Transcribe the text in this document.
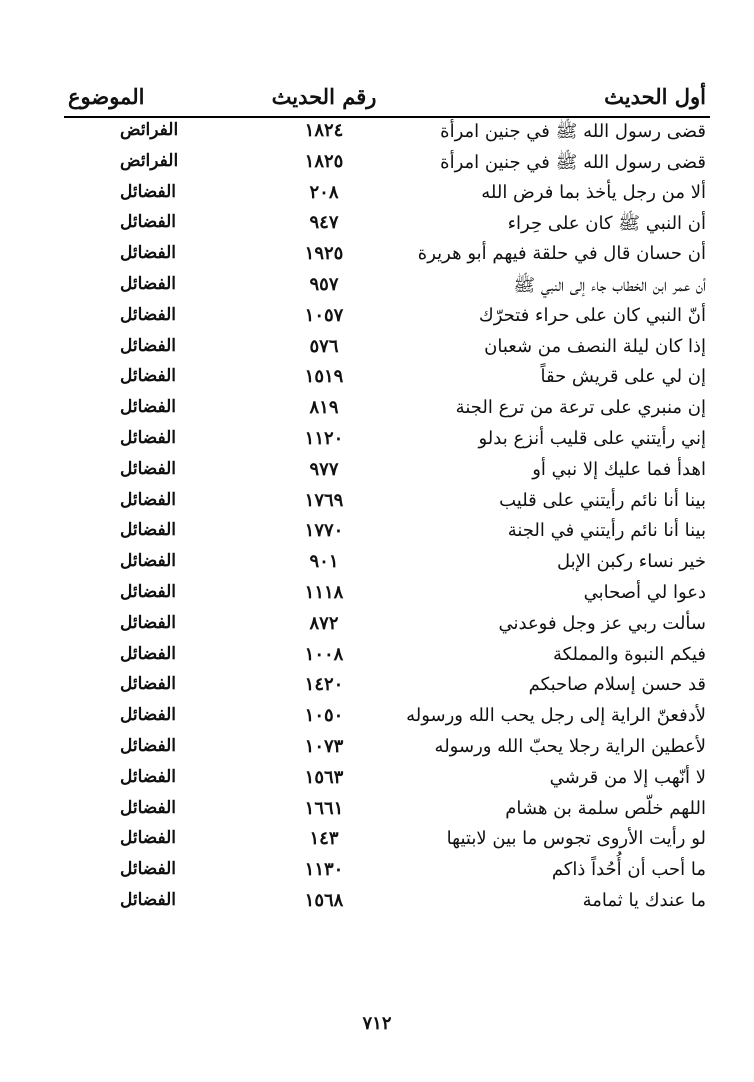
أول الحديث
رقم الحديث
الموضوع
قضى رسول الله ﷺ في جنين امرأة
١٨٢٤
الفرائض
قضى رسول الله ﷺ في جنين امرأة
١٨٢٥
الفرائض
ألا من رجل يأخذ بما فرض الله
٢٠٨
الفضائل
أن النبي ﷺ كان على حِراء
٩٤٧
الفضائل
أن حسان قال في حلقة فيهم أبو هريرة
١٩٢٥
الفضائل
أن عمر ابن الخطاب جاء إلى النبي ﷺ
٩٥٧
الفضائل
أنّ النبي كان على حراء فتحرّك
١٠٥٧
الفضائل
إذا كان ليلة النصف من شعبان
٥٧٦
الفضائل
إن لي على قريش حقاً
١٥١٩
الفضائل
إن منبري على ترعة من ترع الجنة
٨١٩
الفضائل
إني رأيتني على قليب أنزع بدلو
١١٢٠
الفضائل
اهدأ فما عليك إلا نبي أو
٩٧٧
الفضائل
بينا أنا نائم رأيتني على قليب
١٧٦٩
الفضائل
بينا أنا نائم رأيتني في الجنة
١٧٧٠
الفضائل
خير نساء ركبن الإبل
٩٠١
الفضائل
دعوا لي أصحابي
١١١٨
الفضائل
سألت ربي عز وجل فوعدني
٨٧٢
الفضائل
فيكم النبوة والمملكة
١٠٠٨
الفضائل
قد حسن إسلام صاحبكم
١٤٢٠
الفضائل
لأدفعنّ الراية إلى رجل يحب الله ورسوله
١٠٥٠
الفضائل
لأعطين الراية رجلا يحبّ الله ورسوله
١٠٧٣
الفضائل
لا أنّهب إلا من قرشي
١٥٦٣
الفضائل
اللهم خلّص سلمة بن هشام
١٦٦١
الفضائل
لو رأيت الأروى تجوس ما بين لابتيها
١٤٣
الفضائل
ما أحب أن أُحُداً ذاكم
١١٣٠
الفضائل
ما عندك يا ثمامة
١٥٦٨
الفضائل
٧١٢
